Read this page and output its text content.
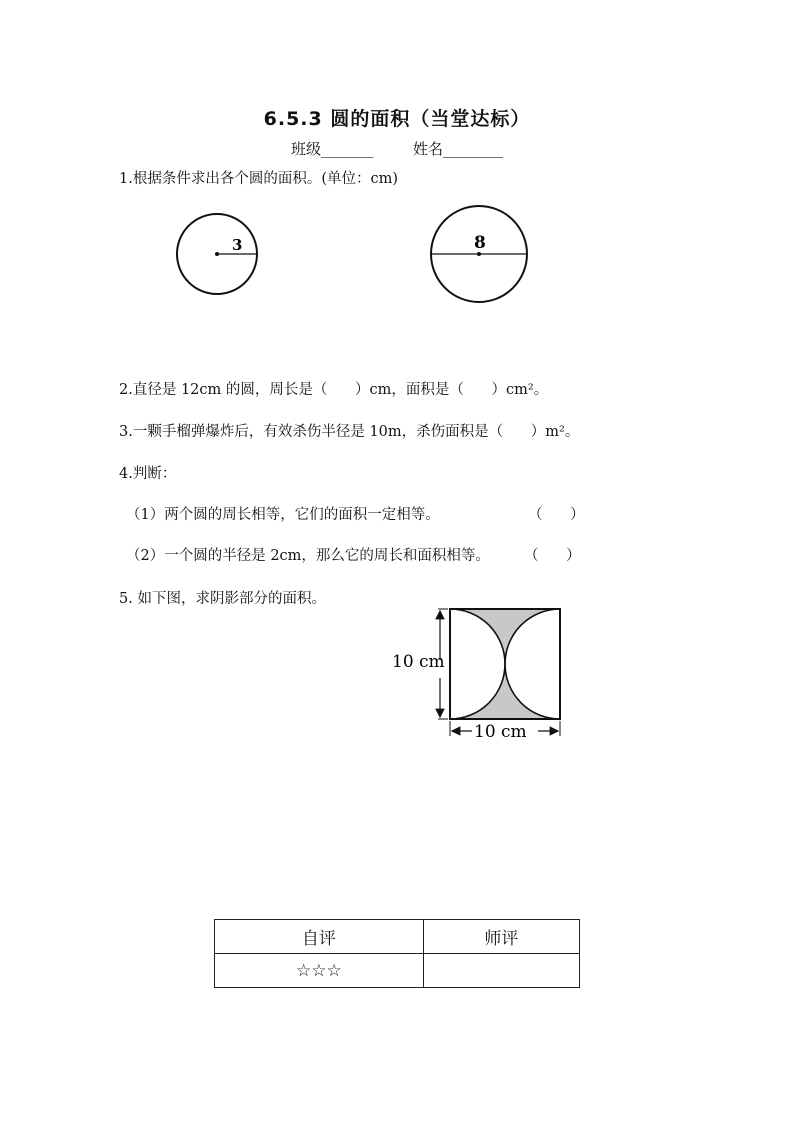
6.5.3 圆的面积（当堂达标）
班级_______	姓名________
1.根据条件求出各个圆的面积。(单位：cm)
3	8
2.直径是 12cm 的圆，周长是（      ）cm，面积是（      ）cm²。
3.一颗手榴弹爆炸后，有效杀伤半径是 10m，杀伤面积是（      ）m²。
4.判断：
（1）两个圆的周长相等，它们的面积一定相等。	（      ）
（2）一个圆的半径是 2cm，那么它的周长和面积相等。 （      ）
5. 如下图，求阴影部分的面积。
10 cm
10 cm
自评	师评
☆☆☆	
